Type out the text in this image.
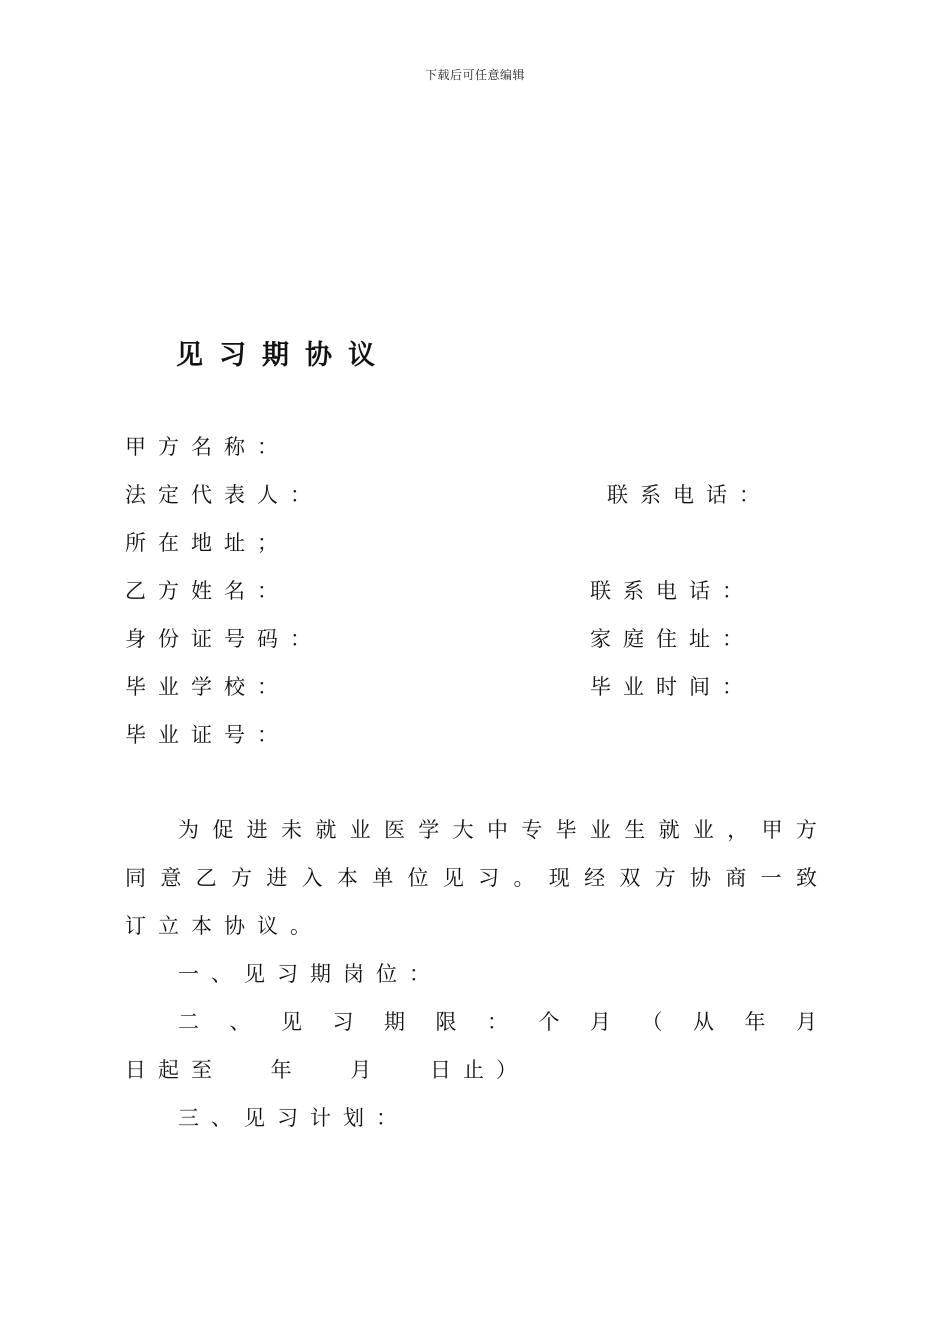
下载后可任意编辑
见习期协议
甲方名称：
法定代表人：	联系电话：
所在地址；
乙方姓名：	联系电话：
身份证号码：	家庭住址：
毕业学校：	毕业时间：
毕业证号：
为 促 进 未 就 业 医 学 大 中 专 毕 业 生 就 业 ， 甲 方
同 意 乙 方 进 入 本 单 位 见 习 。 现 经 双 方 协 商 一 致
订立本协议。
一、见习期岗位：
二 、 见 习 期 限 ： 个 月 （ 从 年 月
日起至 年 月 日止）
三、见习计划：
